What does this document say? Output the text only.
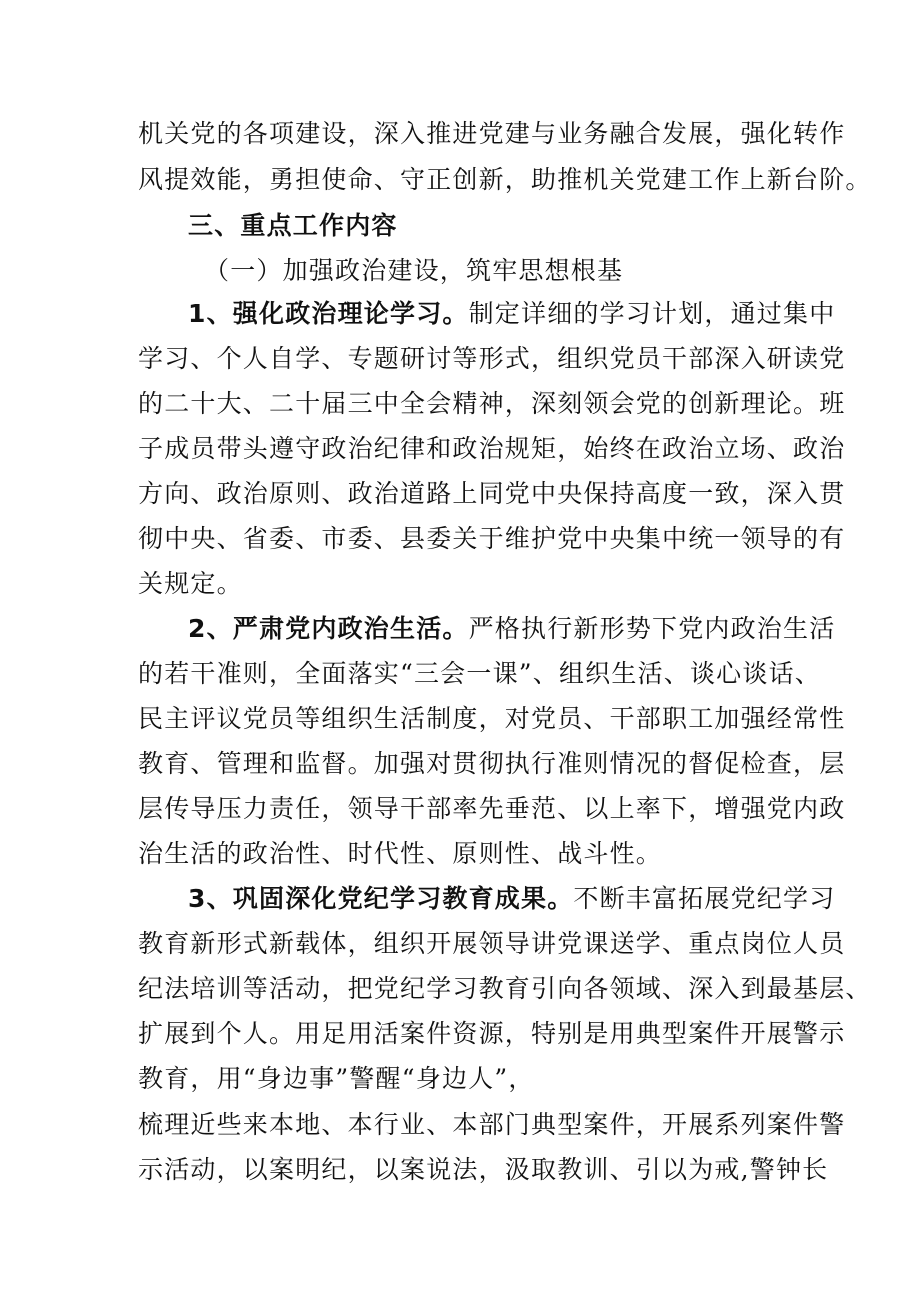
机关党的各项建设，深入推进党建与业务融合发展，强化转作
风提效能，勇担使命、守正创新，助推机关党建工作上新台阶。
三、重点工作内容
（一）加强政治建设，筑牢思想根基
1、强化政治理论学习。制定详细的学习计划，通过集中
学习、个人自学、专题研讨等形式，组织党员干部深入研读党
的二十大、二十届三中全会精神，深刻领会党的创新理论。班
子成员带头遵守政治纪律和政治规矩，始终在政治立场、政治
方向、政治原则、政治道路上同党中央保持高度一致，深入贯
彻中央、省委、市委、县委关于维护党中央集中统一领导的有
关规定。
2、严肃党内政治生活。严格执行新形势下党内政治生活
的若干准则，全面落实“三会一课”、组织生活、谈心谈话、
民主评议党员等组织生活制度，对党员、干部职工加强经常性
教育、管理和监督。加强对贯彻执行准则情况的督促检查，层
层传导压力责任，领导干部率先垂范、以上率下，增强党内政
治生活的政治性、时代性、原则性、战斗性。
3、巩固深化党纪学习教育成果。不断丰富拓展党纪学习
教育新形式新载体，组织开展领导讲党课送学、重点岗位人员
纪法培训等活动，把党纪学习教育引向各领域、深入到最基层、
扩展到个人。用足用活案件资源，特别是用典型案件开展警示
教育，用“身边事”警醒“身边人”，
梳理近些来本地、本行业、本部门典型案件，开展系列案件警
示活动，以案明纪，以案说法，汲取教训、引以为戒,警钟长
